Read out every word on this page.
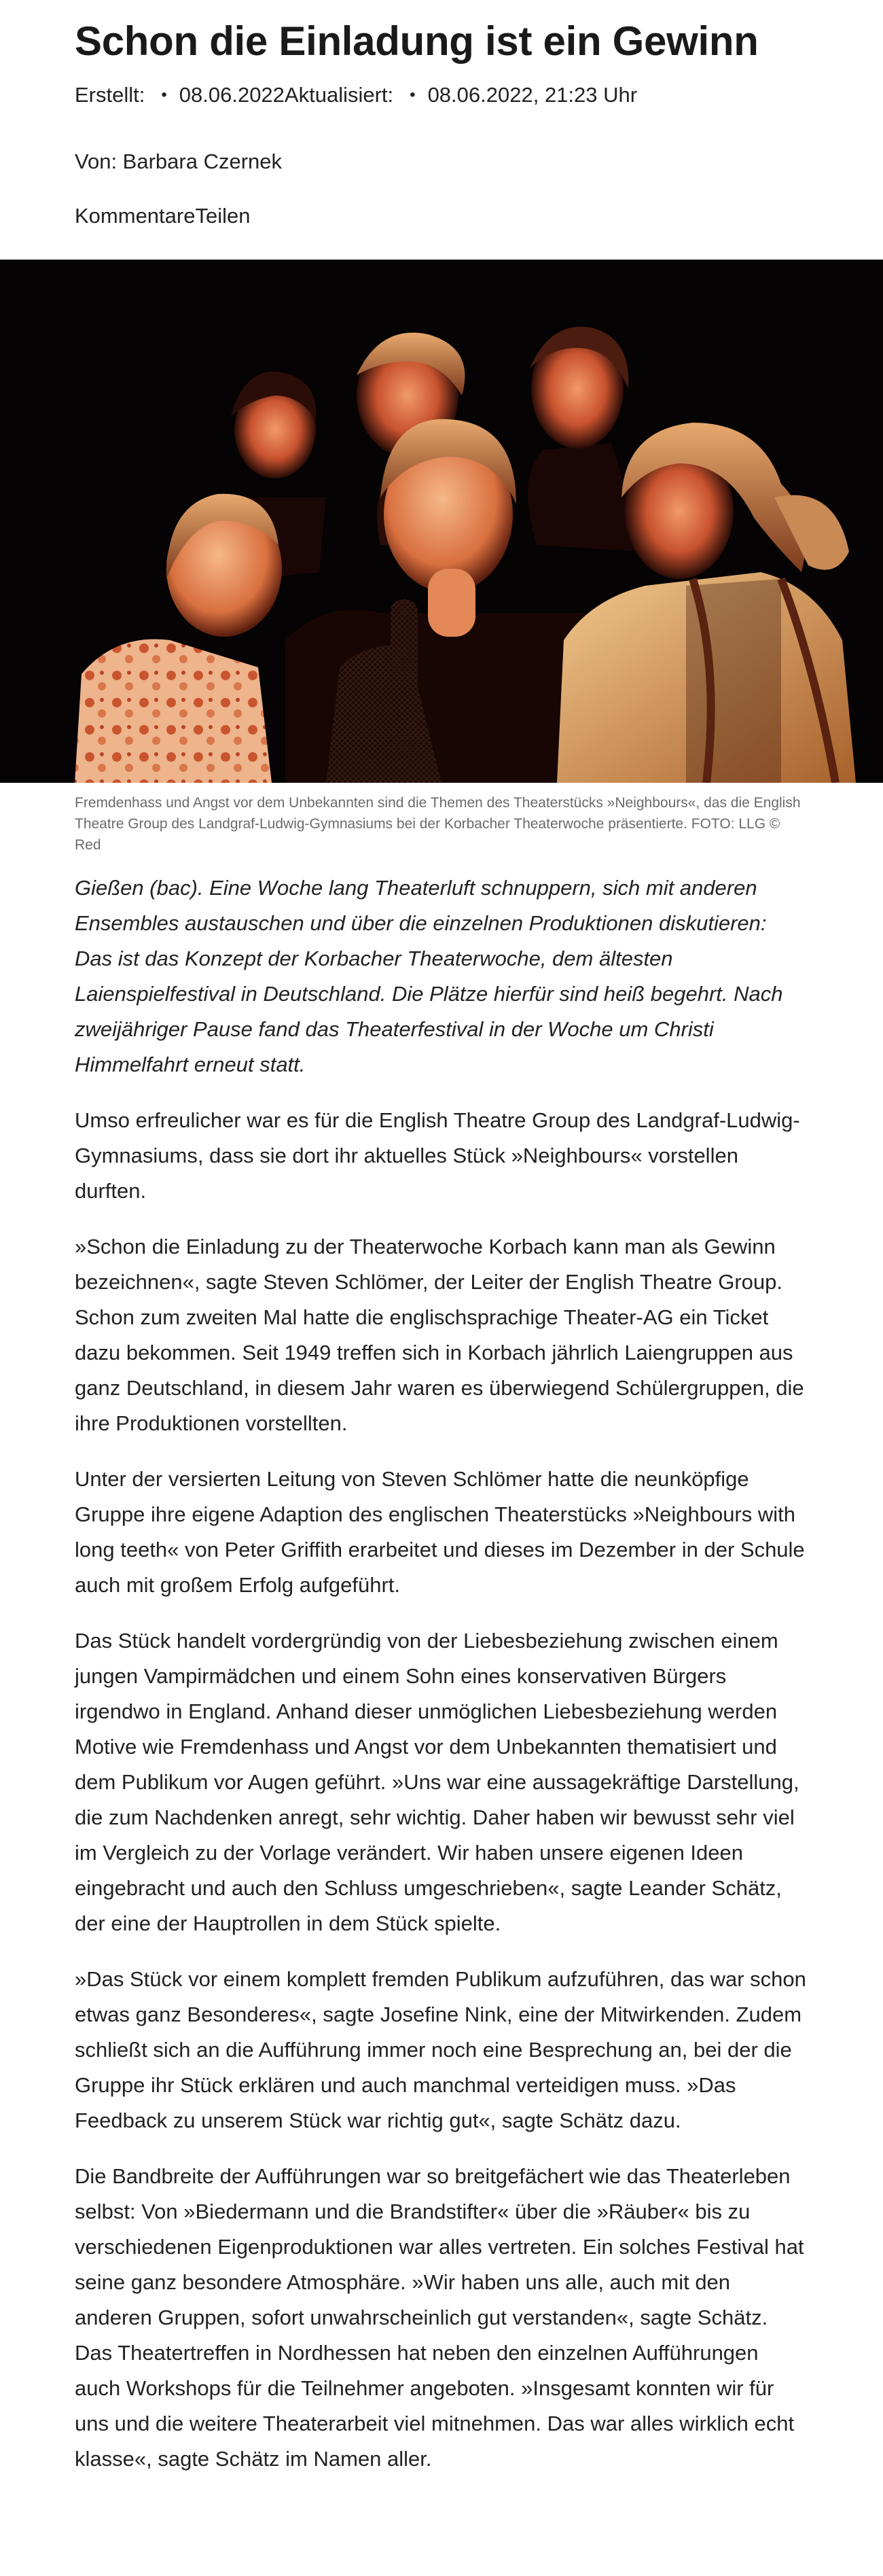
Schon die Einladung ist ein Gewinn
Erstellt: • 08.06.2022 Aktualisiert: • 08.06.2022, 21:23 Uhr
Von: Barbara Czernek
Kommentare Teilen
Fremdenhass und Angst vor dem Unbekannten sind die Themen des Theaterstücks »Neighbours«, das die English Theatre Group des Landgraf-Ludwig-Gymnasiums bei der Korbacher Theaterwoche präsentierte. FOTO: LLG © Red

Gießen (bac). Eine Woche lang Theaterluft schnuppern, sich mit anderen Ensembles austauschen und über die einzelnen Produktionen diskutieren: Das ist das Konzept der Korbacher Theaterwoche, dem ältesten Laienspielfestival in Deutschland. Die Plätze hierfür sind heiß begehrt. Nach zweijähriger Pause fand das Theaterfestival in der Woche um Christi Himmelfahrt erneut statt.

Umso erfreulicher war es für die English Theatre Group des Landgraf-Ludwig-Gymnasiums, dass sie dort ihr aktuelles Stück »Neighbours« vorstellen durften.

»Schon die Einladung zu der Theaterwoche Korbach kann man als Gewinn bezeichnen«, sagte Steven Schlömer, der Leiter der English Theatre Group. Schon zum zweiten Mal hatte die englischsprachige Theater-AG ein Ticket dazu bekommen. Seit 1949 treffen sich in Korbach jährlich Laiengruppen aus ganz Deutschland, in diesem Jahr waren es überwiegend Schülergruppen, die ihre Produktionen vorstellten.

Unter der versierten Leitung von Steven Schlömer hatte die neunköpfige Gruppe ihre eigene Adaption des englischen Theaterstücks »Neighbours with long teeth« von Peter Griffith erarbeitet und dieses im Dezember in der Schule auch mit großem Erfolg aufgeführt.

Das Stück handelt vordergründig von der Liebesbeziehung zwischen einem jungen Vampirmädchen und einem Sohn eines konservativen Bürgers irgendwo in England. Anhand dieser unmöglichen Liebesbeziehung werden Motive wie Fremdenhass und Angst vor dem Unbekannten thematisiert und dem Publikum vor Augen geführt. »Uns war eine aussagekräftige Darstellung, die zum Nachdenken anregt, sehr wichtig. Daher haben wir bewusst sehr viel im Vergleich zu der Vorlage verändert. Wir haben unsere eigenen Ideen eingebracht und auch den Schluss umgeschrieben«, sagte Leander Schätz, der eine der Hauptrollen in dem Stück spielte.

»Das Stück vor einem komplett fremden Publikum aufzuführen, das war schon etwas ganz Besonderes«, sagte Josefine Nink, eine der Mitwirkenden. Zudem schließt sich an die Aufführung immer noch eine Besprechung an, bei der die Gruppe ihr Stück erklären und auch manchmal verteidigen muss. »Das Feedback zu unserem Stück war richtig gut«, sagte Schätz dazu.

Die Bandbreite der Aufführungen war so breitgefächert wie das Theaterleben selbst: Von »Biedermann und die Brandstifter« über die »Räuber« bis zu verschiedenen Eigenproduktionen war alles vertreten. Ein solches Festival hat seine ganz besondere Atmosphäre. »Wir haben uns alle, auch mit den anderen Gruppen, sofort unwahrscheinlich gut verstanden«, sagte Schätz. Das Theatertreffen in Nordhessen hat neben den einzelnen Aufführungen auch Workshops für die Teilnehmer angeboten. »Insgesamt konnten wir für uns und die weitere Theaterarbeit viel mitnehmen. Das war alles wirklich echt klasse«, sagte Schätz im Namen aller.
